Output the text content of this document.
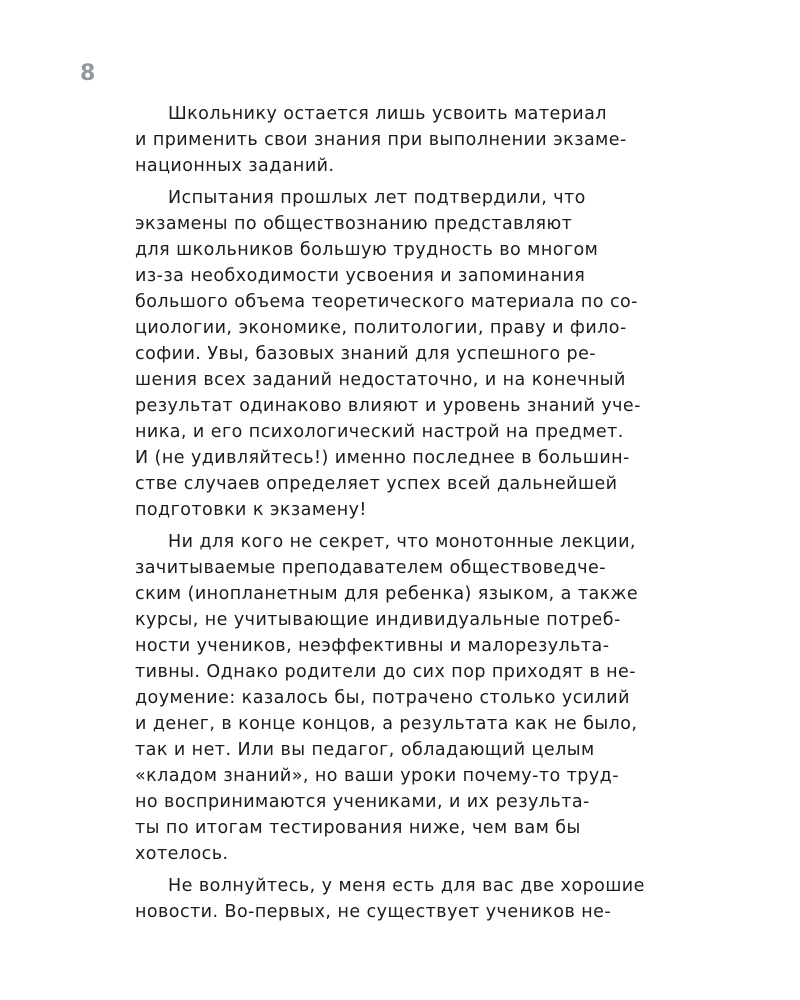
8
Школьнику остается лишь усвоить материал
и применить свои знания при выполнении экзаме-
национных заданий.
Испытания прошлых лет подтвердили, что
экзамены по обществознанию представляют
для школьников большую трудность во многом
из-за необходимости усвоения и запоминания
большого объема теоретического материала по со-
циологии, экономике, политологии, праву и фило-
софии. Увы, базовых знаний для успешного ре-
шения всех заданий недостаточно, и на конечный
результат одинаково влияют и уровень знаний уче-
ника, и его психологический настрой на предмет.
И (не удивляйтесь!) именно последнее в большин-
стве случаев определяет успех всей дальнейшей
подготовки к экзамену!
Ни для кого не секрет, что монотонные лекции,
зачитываемые преподавателем обществоведче-
ским (инопланетным для ребенка) языком, а также
курсы, не учитывающие индивидуальные потреб-
ности учеников, неэффективны и малорезульта-
тивны. Однако родители до сих пор приходят в не-
доумение: казалось бы, потрачено столько усилий
и денег, в конце концов, а результата как не было,
так и нет. Или вы педагог, обладающий целым
«кладом знаний», но ваши уроки почему-то труд-
но воспринимаются учениками, и их результа-
ты по итогам тестирования ниже, чем вам бы
хотелось.
Не волнуйтесь, у меня есть для вас две хорошие
новости. Во-первых, не существует учеников не-
